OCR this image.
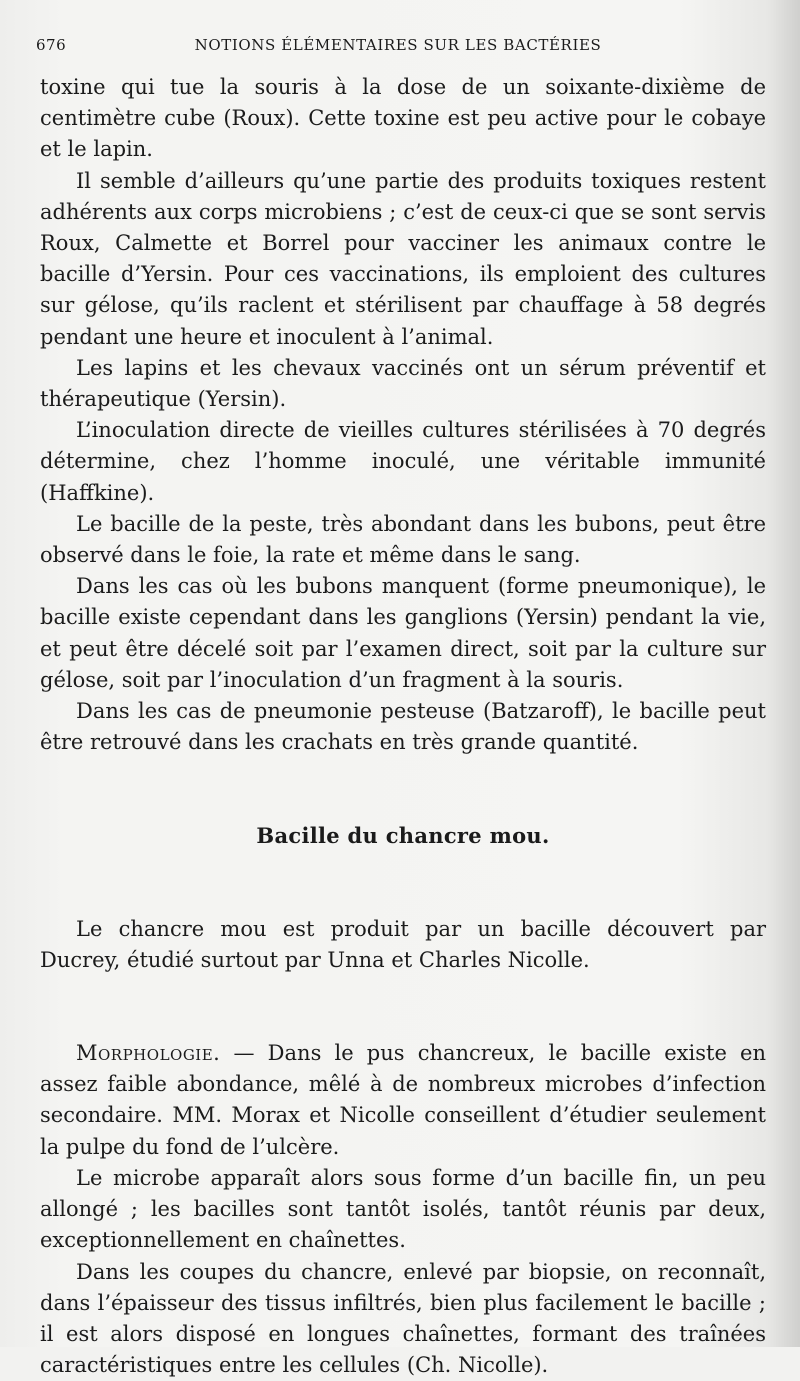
676	NOTIONS ÉLÉMENTAIRES SUR LES BACTÉRIES

toxine qui tue la souris à la dose de un soixante-dixième de centimètre cube (Roux). Cette toxine est peu active pour le cobaye et le lapin.

Il semble d’ailleurs qu’une partie des produits toxiques restent adhérents aux corps microbiens ; c’est de ceux-ci que se sont servis Roux, Calmette et Borrel pour vacciner les animaux contre le bacille d’Yersin. Pour ces vaccinations, ils emploient des cultures sur gélose, qu’ils raclent et stérilisent par chauffage à 58 degrés pendant une heure et inoculent à l’animal.

Les lapins et les chevaux vaccinés ont un sérum préventif et thérapeutique (Yersin).

L’inoculation directe de vieilles cultures stérilisées à 70 degrés détermine, chez l’homme inoculé, une véritable immunité (Haffkine).

Le bacille de la peste, très abondant dans les bubons, peut être observé dans le foie, la rate et même dans le sang.

Dans les cas où les bubons manquent (forme pneumonique), le bacille existe cependant dans les ganglions (Yersin) pendant la vie, et peut être décelé soit par l’examen direct, soit par la culture sur gélose, soit par l’inoculation d’un fragment à la souris.

Dans les cas de pneumonie pesteuse (Batzaroff), le bacille peut être retrouvé dans les crachats en très grande quantité.

Bacille du chancre mou.

Le chancre mou est produit par un bacille découvert par Ducrey, étudié surtout par Unna et Charles Nicolle.

Morphologie. — Dans le pus chancreux, le bacille existe en assez faible abondance, mêlé à de nombreux microbes d’infection secondaire. MM. Morax et Nicolle conseillent d’étudier seulement la pulpe du fond de l’ulcère.

Le microbe apparaît alors sous forme d’un bacille fin, un peu allongé ; les bacilles sont tantôt isolés, tantôt réunis par deux, exceptionnellement en chaînettes.

Dans les coupes du chancre, enlevé par biopsie, on reconnaît, dans l’épaisseur des tissus infiltrés, bien plus facilement le bacille ; il est alors disposé en longues chaînettes, formant des traînées caractéristiques entre les cellules (Ch. Nicolle).
